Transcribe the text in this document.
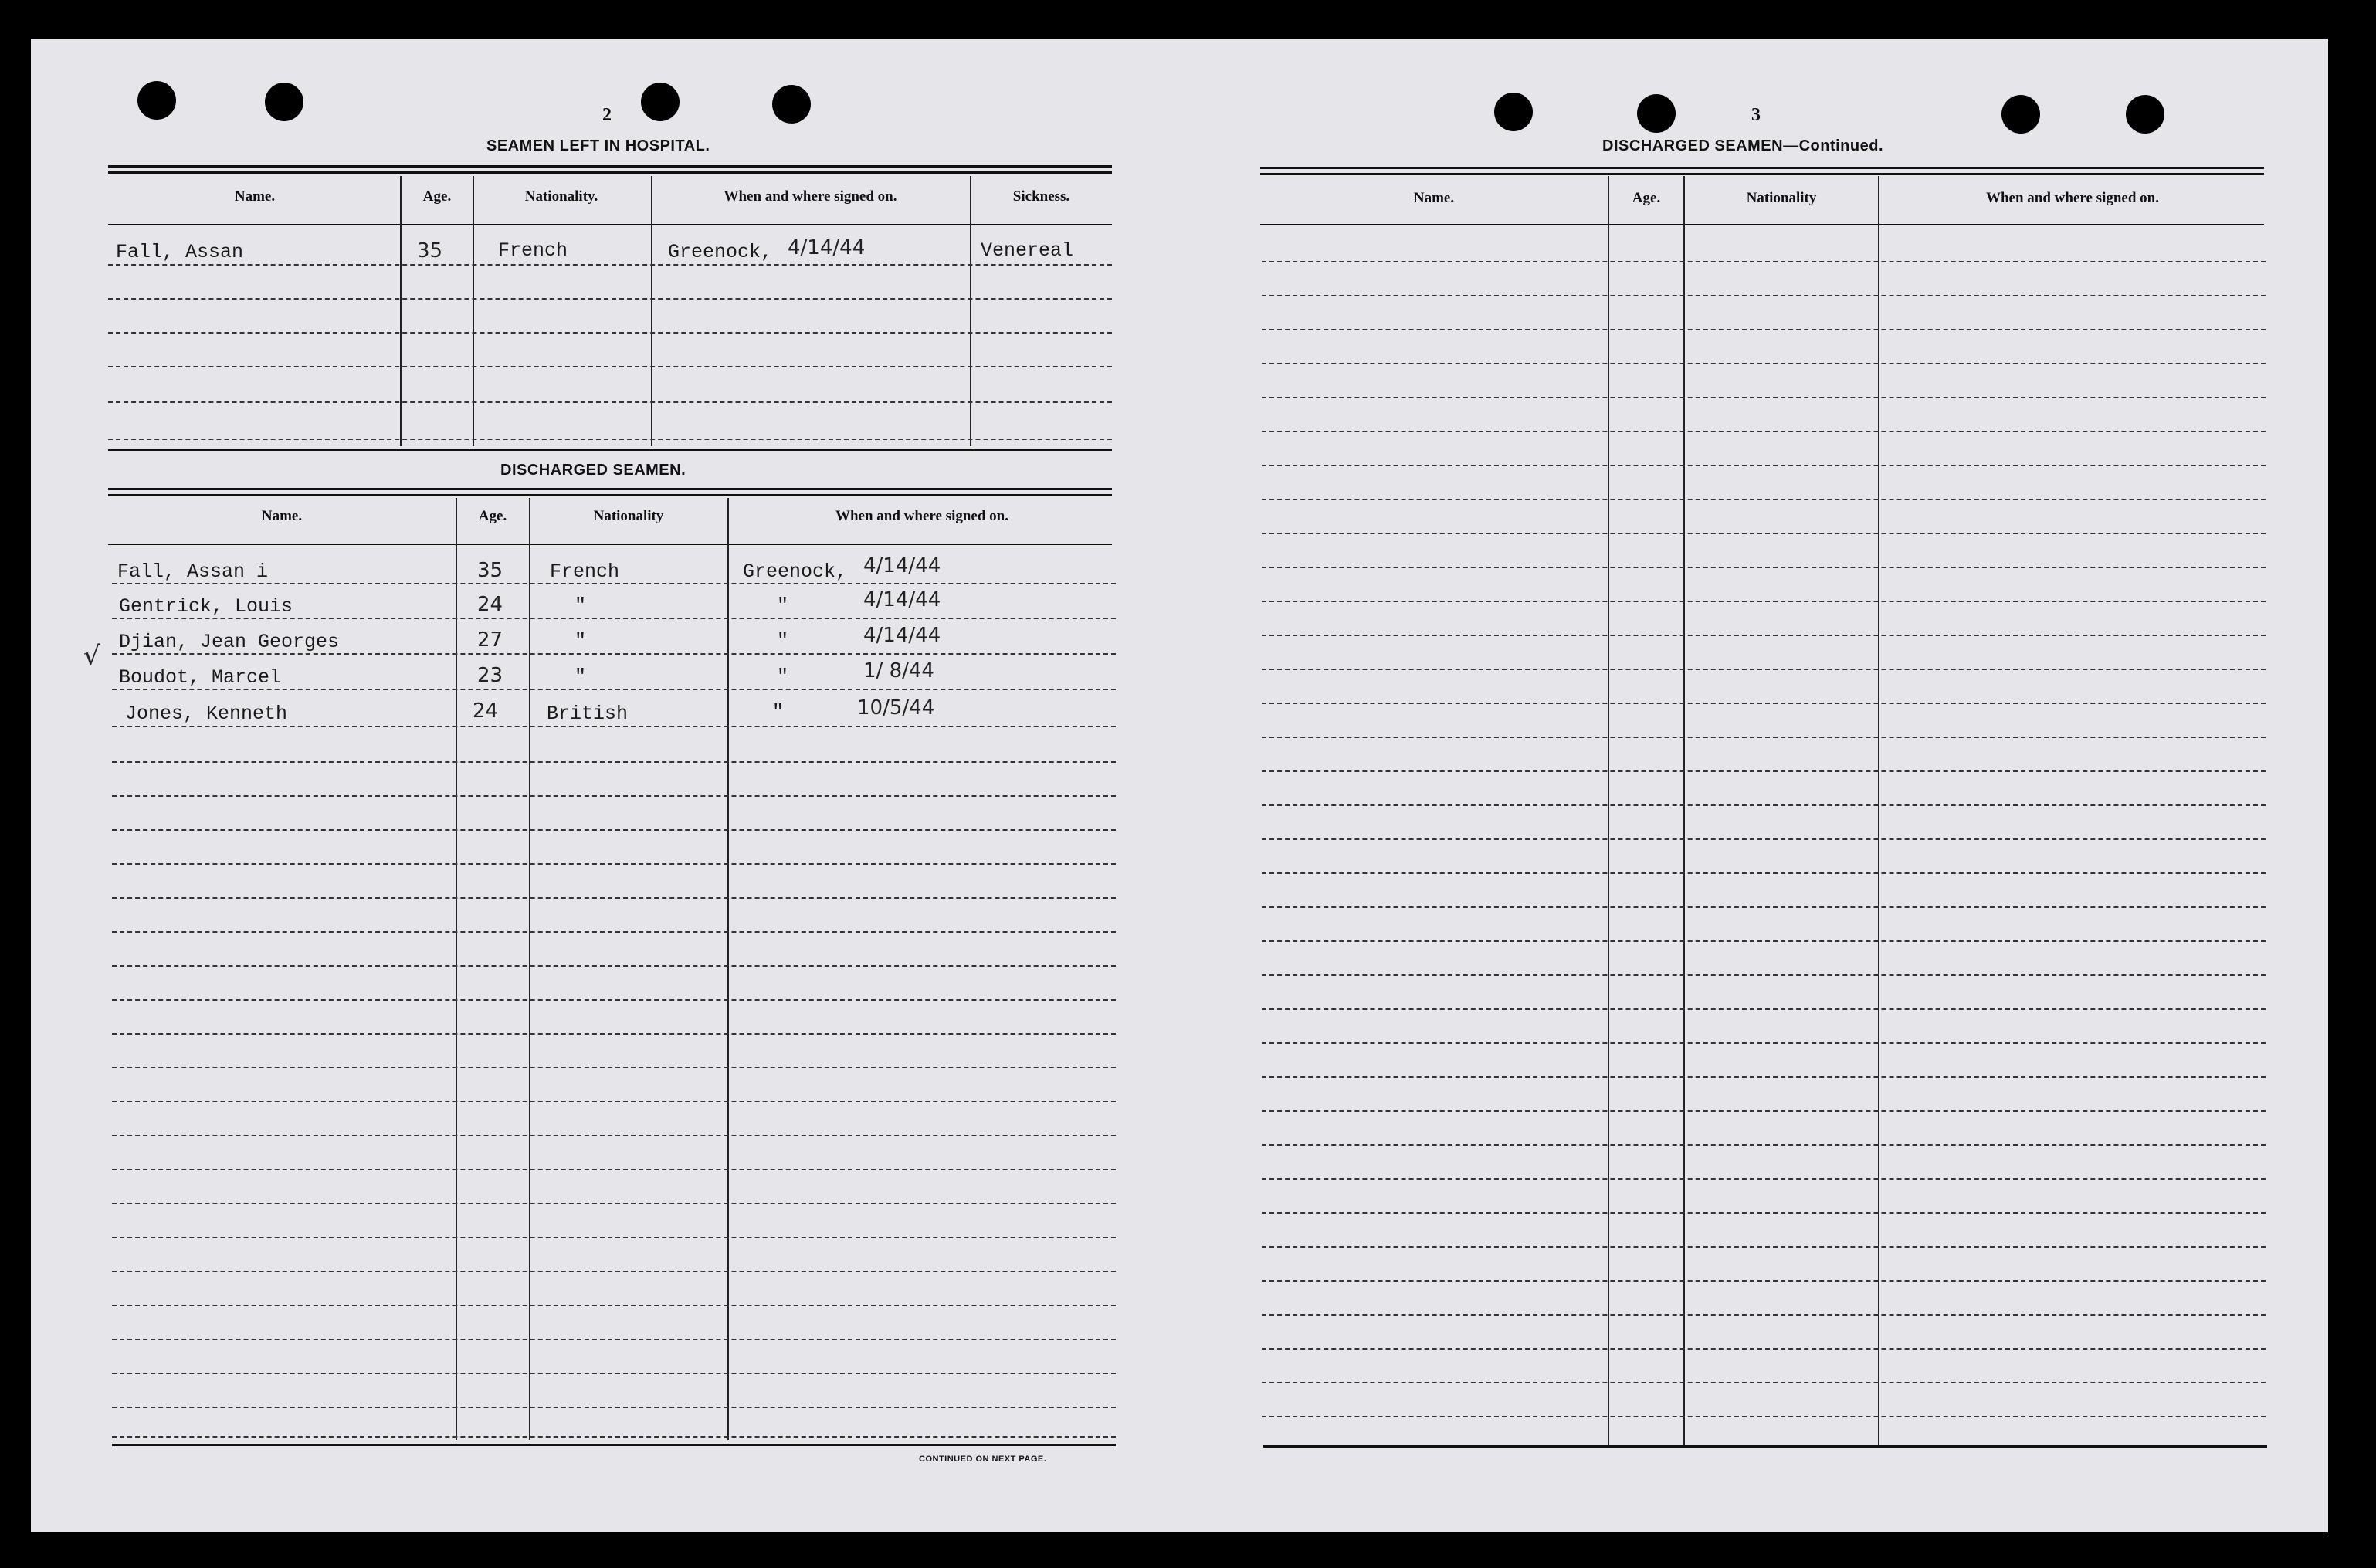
2
SEAMEN LEFT IN HOSPITAL.
Name.	Age.	Nationality.	When and where signed on.	Sickness.
Fall, Assan	35	French	Greenock, 4/14/44	Venereal
DISCHARGED SEAMEN.
Name.	Age.	Nationality	When and where signed on.
CONTINUED ON NEXT PAGE.
√
Fall, Assan i	35 French	Greenock, 4/14/44
Gentrick, Louis	24	"	"	4/14/44
Djian, Jean Georges	27	"	"	4/14/44
Boudot, Marcel	23	"	"	1/ 8/44
Jones, Kenneth	24	British	"	10/5/44
3
DISCHARGED SEAMEN—Continued.
Name.	Age.	Nationality	When and where signed on.
